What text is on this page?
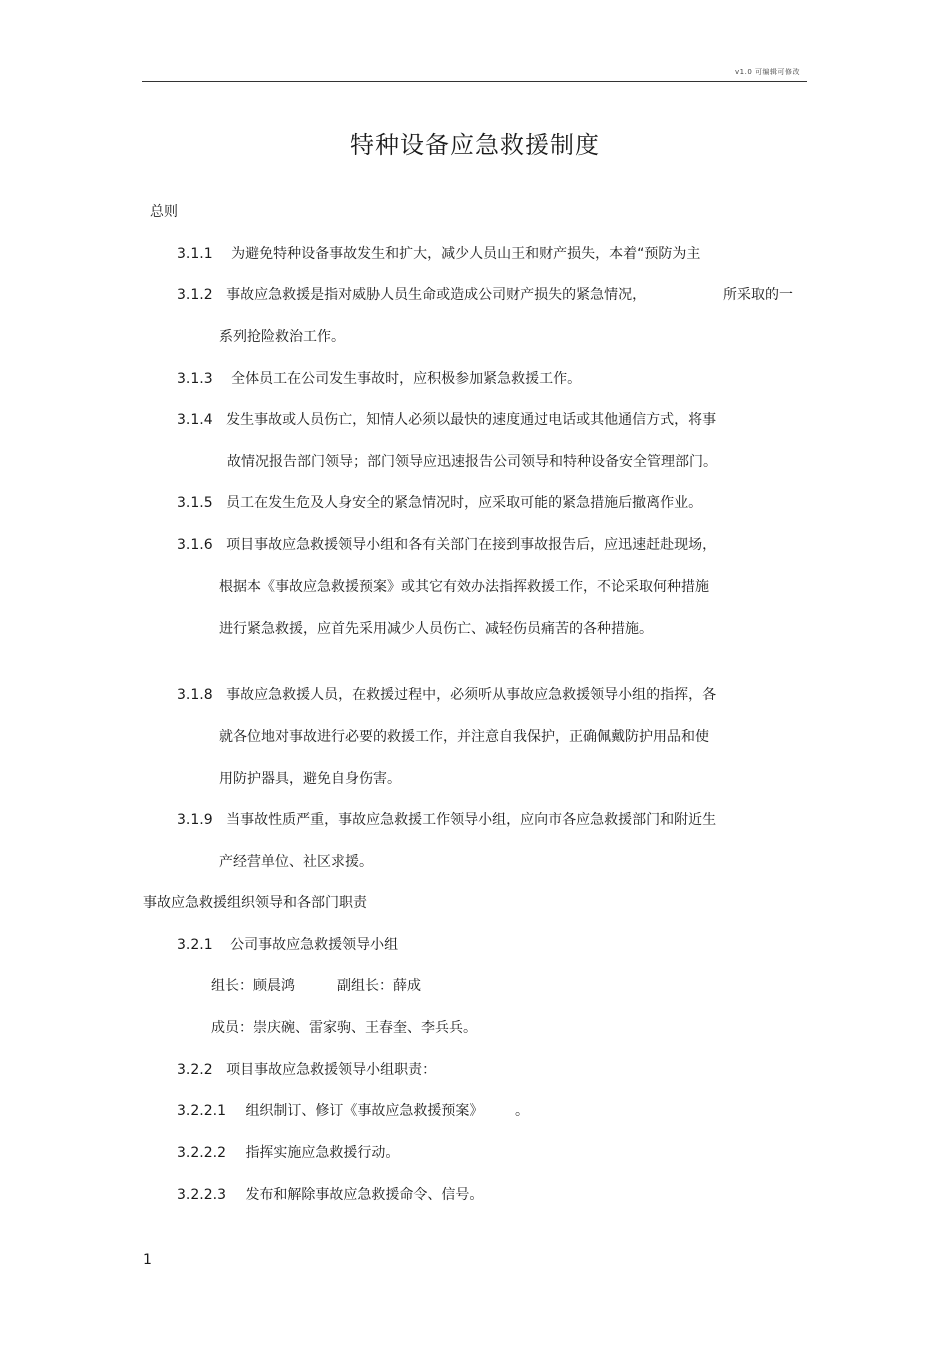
v1.0 可编辑可修改
特种设备应急救援制度
总则
3.1.1 为避免特种设备事故发生和扩大，减少人员山王和财产损失，本着“预防为主
3.1.2 事故应急救援是指对威胁人员生命或造成公司财产损失的紧急情况，	所采取的一
系列抢险救治工作。
3.1.3 全体员工在公司发生事故时，应积极参加紧急救援工作。
3.1.4 发生事故或人员伤亡，知情人必须以最快的速度通过电话或其他通信方式，将事
故情况报告部门领导；部门领导应迅速报告公司领导和特种设备安全管理部门。
3.1.5 员工在发生危及人身安全的紧急情况时，应采取可能的紧急措施后撤离作业。
3.1.6 项目事故应急救援领导小组和各有关部门在接到事故报告后，应迅速赶赴现场，
根据本《事故应急救援预案》或其它有效办法指挥救援工作，不论采取何种措施
进行紧急救援，应首先采用减少人员伤亡、减轻伤员痛苦的各种措施。
3.1.8 事故应急救援人员，在救援过程中，必须听从事故应急救援领导小组的指挥，各
就各位地对事故进行必要的救援工作，并注意自我保护，正确佩戴防护用品和使
用防护器具，避免自身伤害。
3.1.9 当事故性质严重，事故应急救援工作领导小组，应向市各应急救援部门和附近生
产经营单位、社区求援。
事故应急救援组织领导和各部门职责
3.2.1 公司事故应急救援领导小组
组长：顾晨鸿	副组长：薛成
成员：崇庆碗、雷家驹、王春奎、李兵兵。
3.2.2 项目事故应急救援领导小组职责：
3.2.2.1 组织制订、修订《事故应急救援预案》 。
3.2.2.2 指挥实施应急救援行动。
3.2.2.3 发布和解除事故应急救援命令、信号。
1
